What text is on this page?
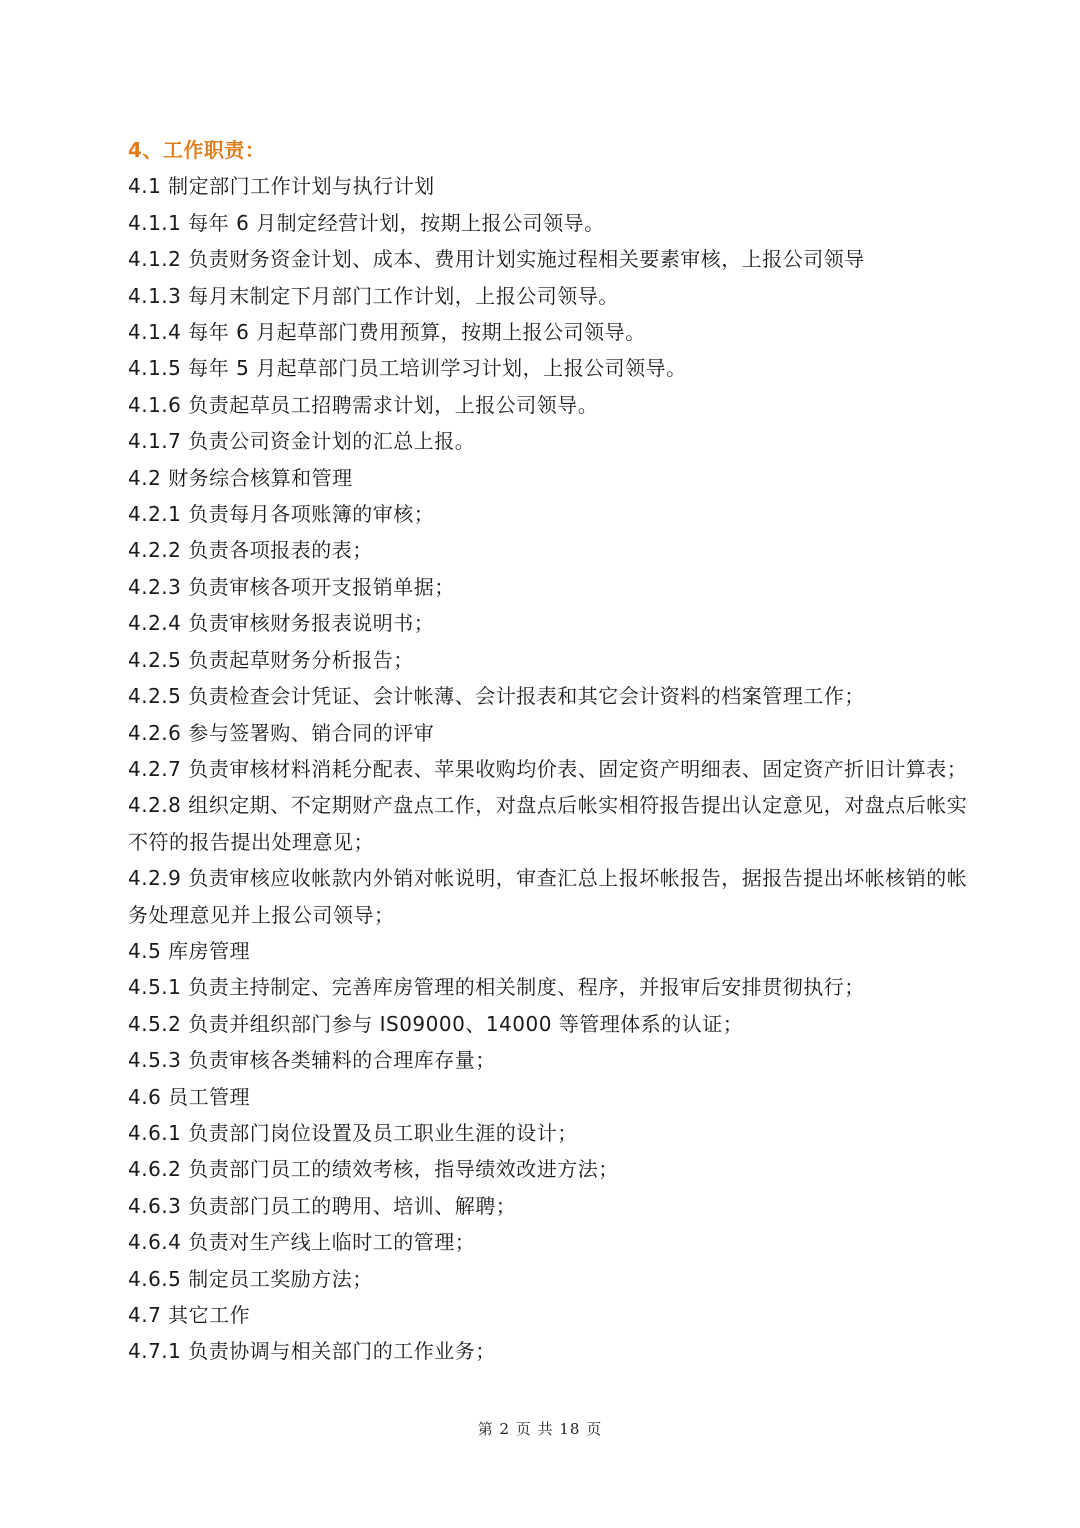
4、工作职责：
4.1 制定部门工作计划与执行计划
4.1.1 每年 6 月制定经营计划，按期上报公司领导。
4.1.2 负责财务资金计划、成本、费用计划实施过程相关要素审核，上报公司领导
4.1.3 每月末制定下月部门工作计划，上报公司领导。
4.1.4 每年 6 月起草部门费用预算，按期上报公司领导。
4.1.5 每年 5 月起草部门员工培训学习计划，上报公司领导。
4.1.6 负责起草员工招聘需求计划，上报公司领导。
4.1.7 负责公司资金计划的汇总上报。
4.2 财务综合核算和管理
4.2.1 负责每月各项账簿的审核；
4.2.2 负责各项报表的表；
4.2.3 负责审核各项开支报销单据；
4.2.4 负责审核财务报表说明书；
4.2.5 负责起草财务分析报告；
4.2.5 负责检查会计凭证、会计帐薄、会计报表和其它会计资料的档案管理工作；
4.2.6 参与签署购、销合同的评审
4.2.7 负责审核材料消耗分配表、苹果收购均价表、固定资产明细表、固定资产折旧计算表；
4.2.8 组织定期、不定期财产盘点工作，对盘点后帐实相符报告提出认定意见，对盘点后帐实不符的报告提出处理意见；
4.2.9 负责审核应收帐款内外销对帐说明，审查汇总上报坏帐报告，据报告提出坏帐核销的帐务处理意见并上报公司领导；
4.5 库房管理
4.5.1 负责主持制定、完善库房管理的相关制度、程序，并报审后安排贯彻执行；
4.5.2 负责并组织部门参与 IS09000、14000 等管理体系的认证；
4.5.3 负责审核各类辅料的合理库存量；
4.6 员工管理
4.6.1 负责部门岗位设置及员工职业生涯的设计；
4.6.2 负责部门员工的绩效考核，指导绩效改进方法；
4.6.3 负责部门员工的聘用、培训、解聘；
4.6.4 负责对生产线上临时工的管理；
4.6.5 制定员工奖励方法；
4.7 其它工作
4.7.1 负责协调与相关部门的工作业务；
第 2 页 共 18 页
